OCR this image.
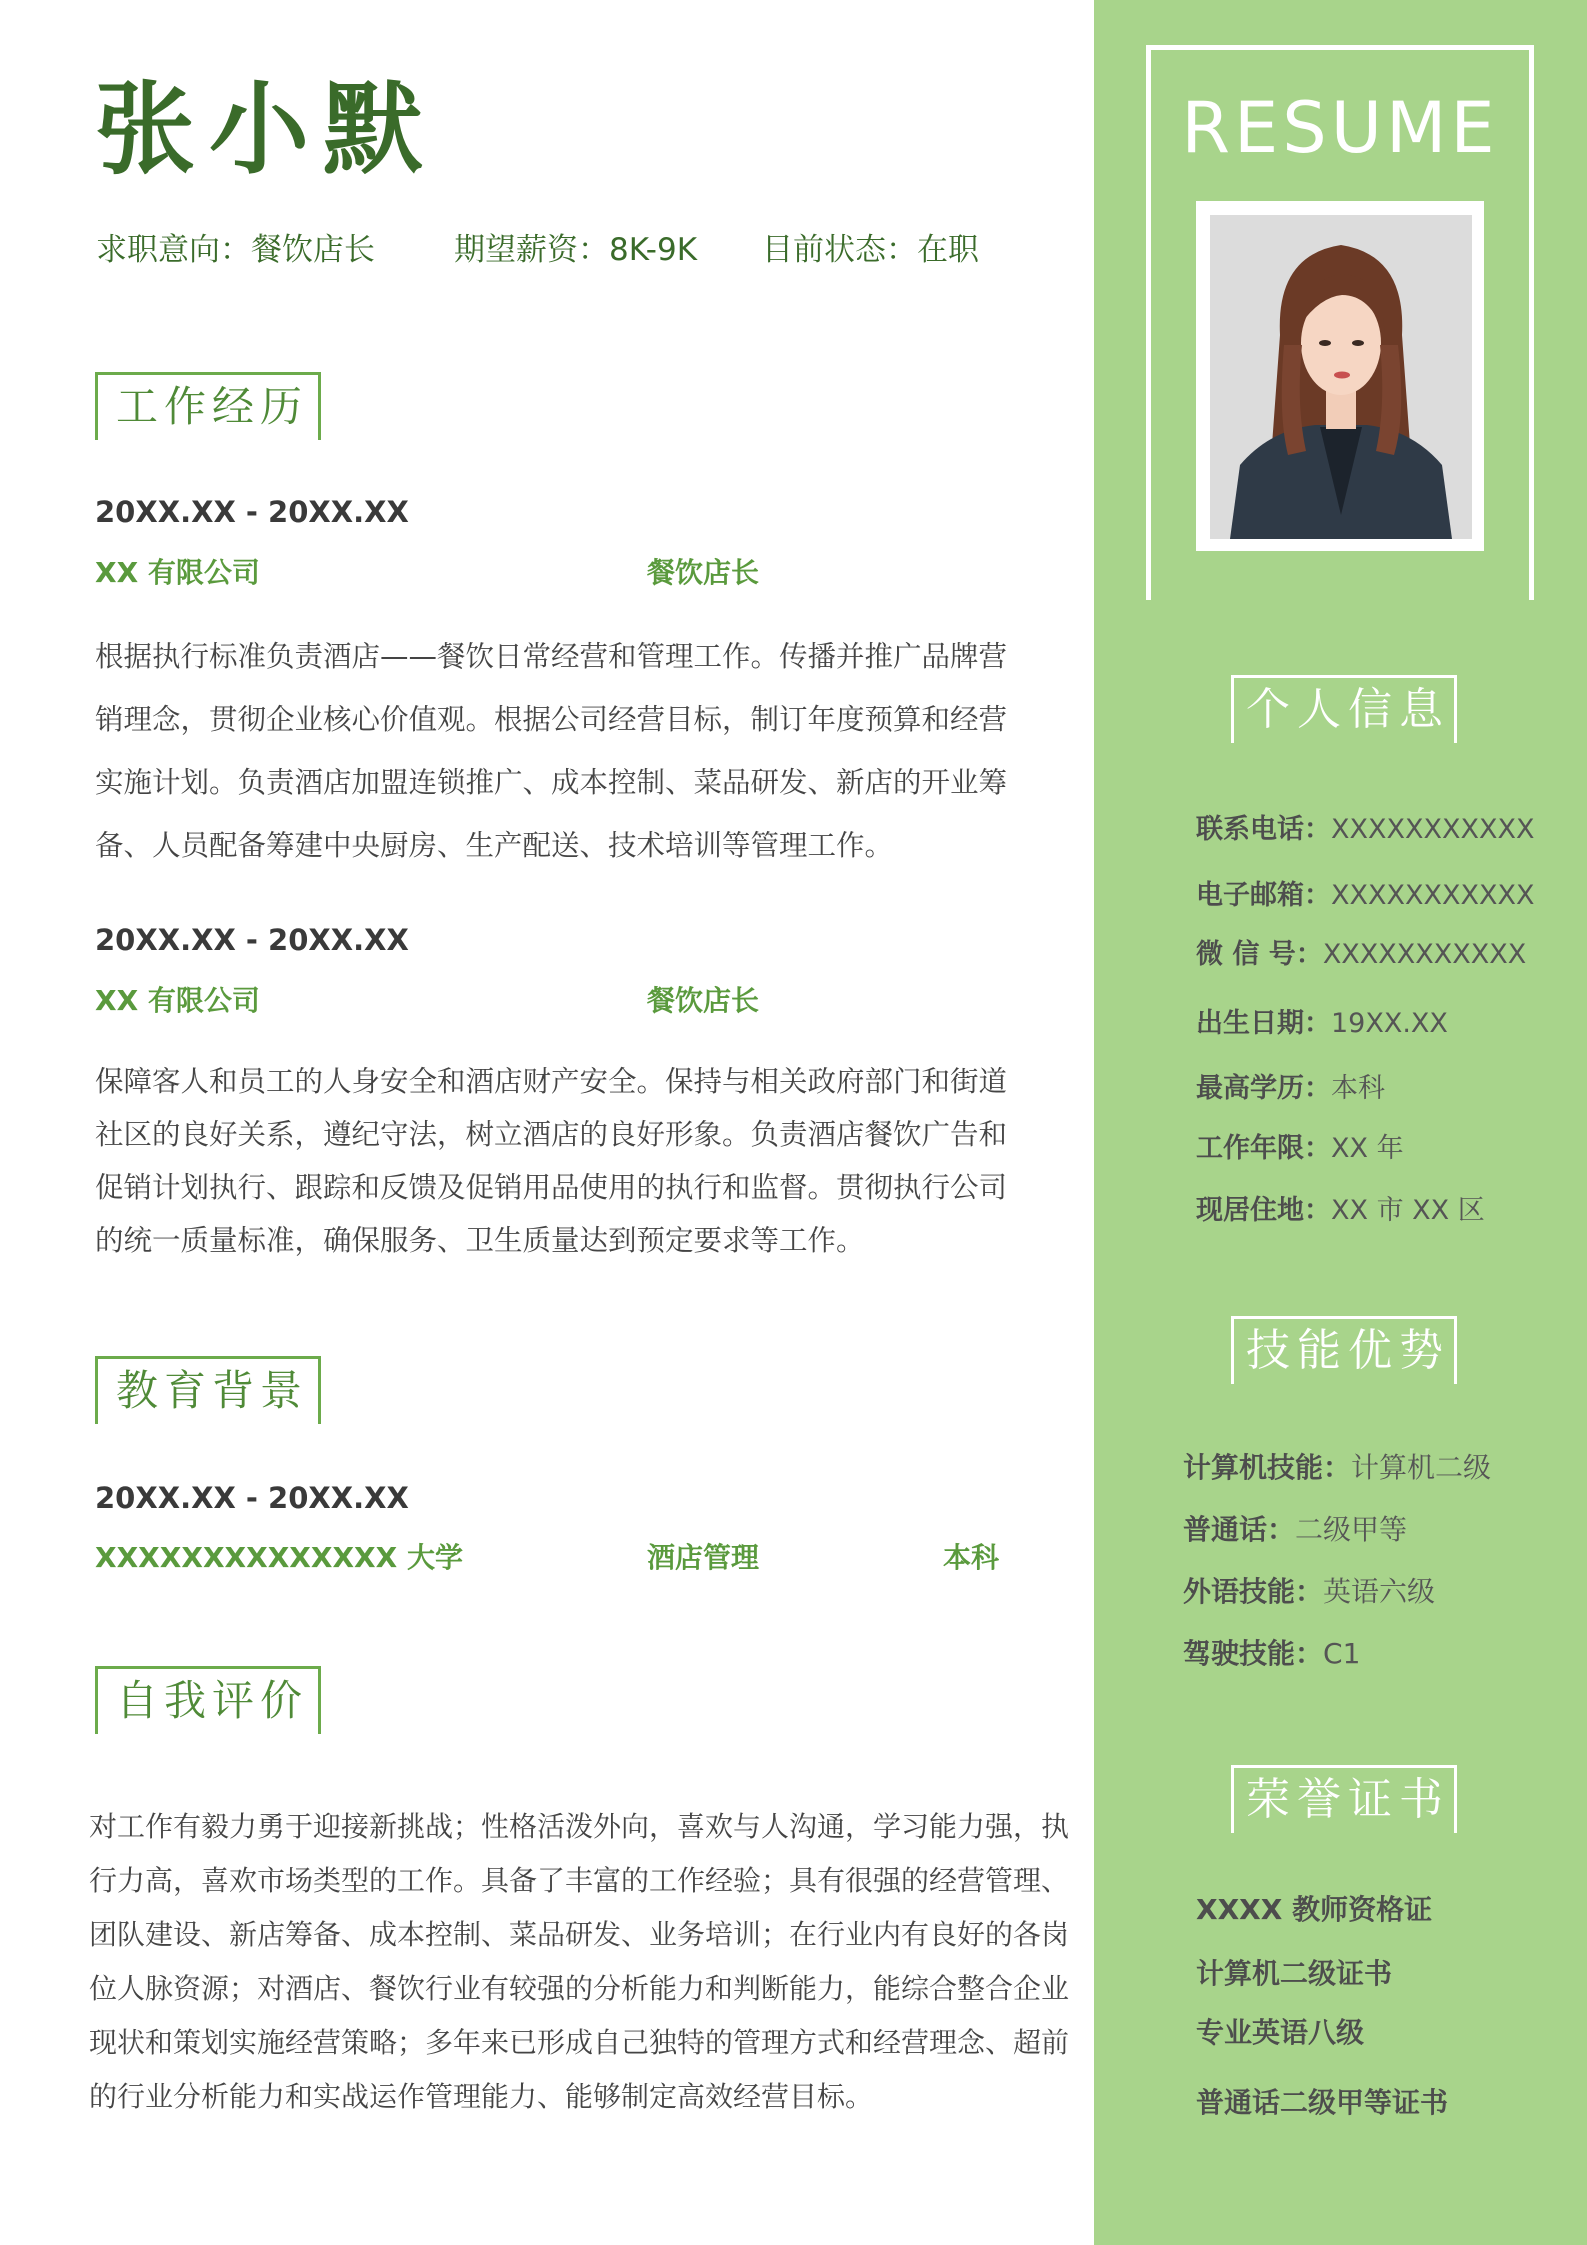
张小默
求职意向：餐饮店长	期望薪资：8K-9K 目前状态：在职
工作经历
20XX.XX - 20XX.XX
XX 有限公司	餐饮店长
根据执行标准负责酒店——餐饮日常经营和管理工作。传播并推广品牌营销理念，贯彻企业核心价值观。根据公司经营目标，制订年度预算和经营实施计划。负责酒店加盟连锁推广、成本控制、菜品研发、新店的开业筹备、人员配备筹建中央厨房、生产配送、技术培训等管理工作。
20XX.XX - 20XX.XX
XX 有限公司	餐饮店长
保障客人和员工的人身安全和酒店财产安全。保持与相关政府部门和街道社区的良好关系，遵纪守法，树立酒店的良好形象。负责酒店餐饮广告和促销计划执行、跟踪和反馈及促销用品使用的执行和监督。贯彻执行公司的统一质量标准，确保服务、卫生质量达到预定要求等工作。
教育背景
20XX.XX - 20XX.XX
XXXXXXXXXXXXXX 大学	酒店管理	本科
自我评价
对工作有毅力勇于迎接新挑战；性格活泼外向，喜欢与人沟通，学习能力强，执行力高，喜欢市场类型的工作。具备了丰富的工作经验；具有很强的经营管理、团队建设、新店筹备、成本控制、菜品研发、业务培训；在行业内有良好的各岗位人脉资源；对酒店、餐饮行业有较强的分析能力和判断能力，能综合整合企业现状和策划实施经营策略；多年来已形成自己独特的管理方式和经营理念、超前的行业分析能力和实战运作管理能力、能够制定高效经营目标。
RESUME
个人信息
联系电话：XXXXXXXXXXX
电子邮箱：XXXXXXXXXXX
微 信 号：XXXXXXXXXXX
出生日期：19XX.XX
最高学历：本科
工作年限：XX 年
现居住地：XX 市 XX 区
技能优势
计算机技能：计算机二级
普通话：二级甲等
外语技能：英语六级
驾驶技能：C1
荣誉证书
XXXX 教师资格证
计算机二级证书
专业英语八级
普通话二级甲等证书
